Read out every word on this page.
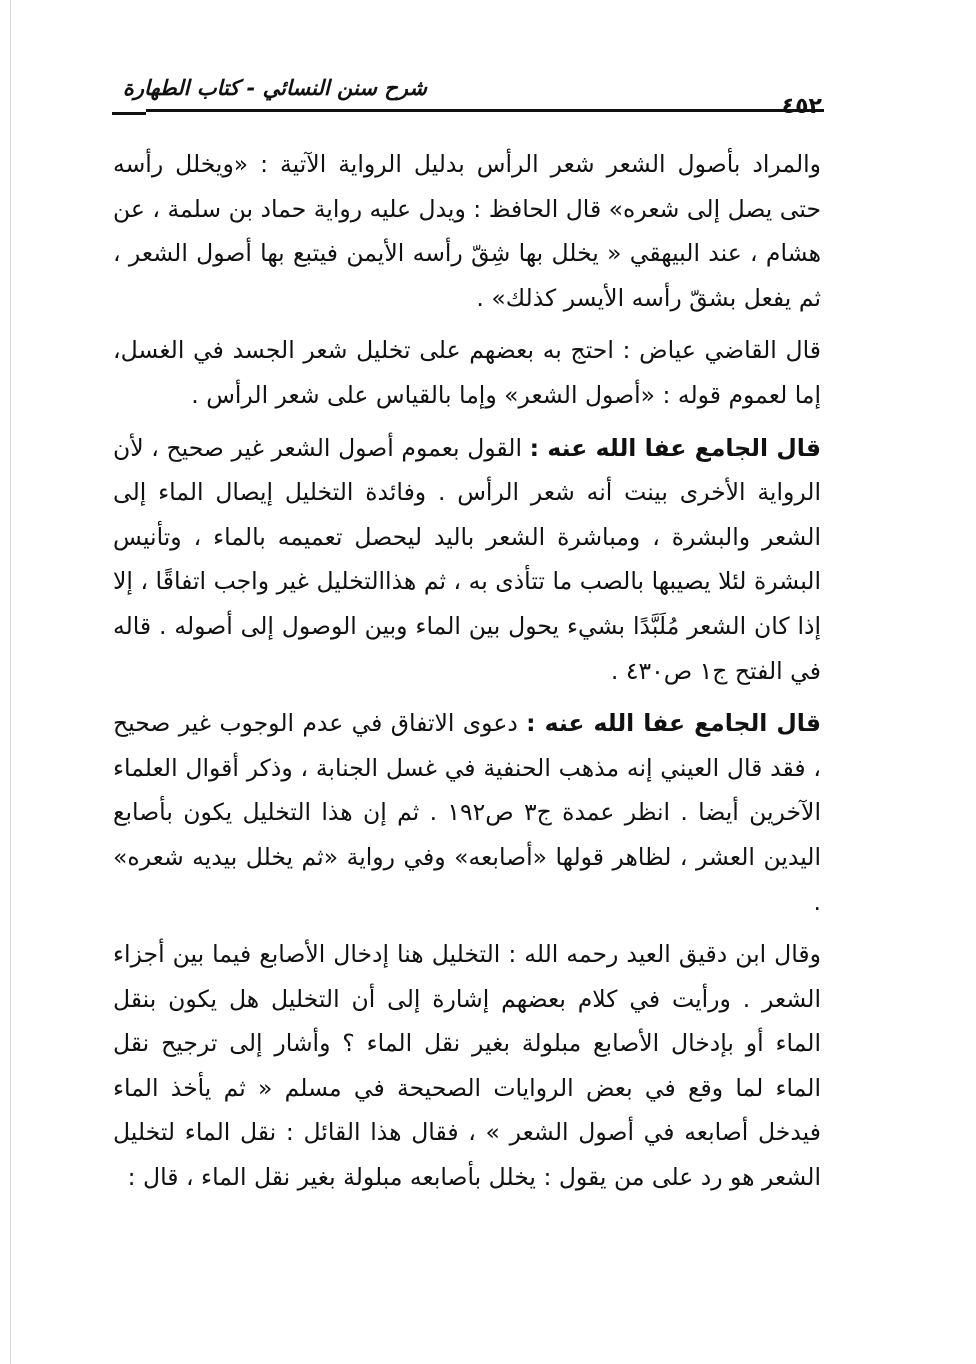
شرح سنن النسائي - كتاب الطهارة
٤٥٢

والمراد بأصول الشعر شعر الرأس بدليل الرواية الآتية : «ويخلل رأسه حتى يصل إلى شعره» قال الحافظ : ويدل عليه رواية حماد بن سلمة ، عن هشام ، عند البيهقي « يخلل بها شِقّ رأسه الأيمن فيتبع بها أصول الشعر ، ثم يفعل بشقّ رأسه الأيسر كذلك» .

قال القاضي عياض : احتج به بعضهم على تخليل شعر الجسد في الغسل، إما لعموم قوله : «أصول الشعر» وإما بالقياس على شعر الرأس .

قال الجامع عفا الله عنه : القول بعموم أصول الشعر غير صحيح ، لأن الرواية الأخرى بينت أنه شعر الرأس . وفائدة التخليل إيصال الماء إلى الشعر والبشرة ، ومباشرة الشعر باليد ليحصل تعميمه بالماء ، وتأنيس البشرة لئلا يصيبها بالصب ما تتأذى به ، ثم هذاالتخليل غير واجب اتفاقًا ، إلا إذا كان الشعر مُلَبَّدًا بشيء يحول بين الماء وبين الوصول إلى أصوله . قاله في الفتح ج١ ص٤٣٠ .

قال الجامع عفا الله عنه : دعوى الاتفاق في عدم الوجوب غير صحيح ، فقد قال العيني إنه مذهب الحنفية في غسل الجنابة ، وذكر أقوال العلماء الآخرين أيضا . انظر عمدة ج٣ ص١٩٢ . ثم إن هذا التخليل يكون بأصابع اليدين العشر ، لظاهر قولها «أصابعه» وفي رواية «ثم يخلل بيديه شعره» .

وقال ابن دقيق العيد رحمه الله : التخليل هنا إدخال الأصابع فيما بين أجزاء الشعر . ورأيت في كلام بعضهم إشارة إلى أن التخليل هل يكون بنقل الماء أو بإدخال الأصابع مبلولة بغير نقل الماء ؟ وأشار إلى ترجيح نقل الماء لما وقع في بعض الروايات الصحيحة في مسلم « ثم يأخذ الماء فيدخل أصابعه في أصول الشعر » ، فقال هذا القائل : نقل الماء لتخليل الشعر هو رد على من يقول : يخلل بأصابعه مبلولة بغير نقل الماء ، قال :
